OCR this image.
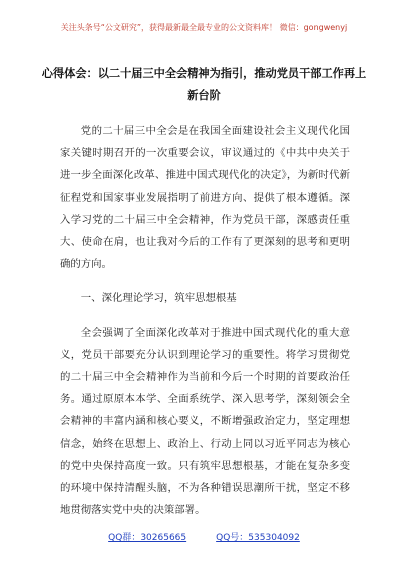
关注头条号“公文研究”，获得最新最全最专业的公文资料库！ 微信：gongwenyj
心得体会：以二十届三中全会精神为指引，推动党员干部工作再上新台阶

党的二十届三中全会是在我国全面建设社会主义现代化国家关键时期召开的一次重要会议，审议通过的《中共中央关于进一步全面深化改革、推进中国式现代化的决定》，为新时代新征程党和国家事业发展指明了前进方向、提供了根本遵循。深入学习党的二十届三中全会精神，作为党员干部，深感责任重大、使命在肩，也让我对今后的工作有了更深刻的思考和更明确的方向。

一、深化理论学习，筑牢思想根基

全会强调了全面深化改革对于推进中国式现代化的重大意义，党员干部要充分认识到理论学习的重要性。将学习贯彻党的二十届三中全会精神作为当前和今后一个时期的首要政治任务。通过原原本本学、全面系统学、深入思考学，深刻领会全会精神的丰富内涵和核心要义，不断增强政治定力，坚定理想信念，始终在思想上、政治上、行动上同以习近平同志为核心的党中央保持高度一致。只有筑牢思想根基，才能在复杂多变的环境中保持清醒头脑，不为各种错误思潮所干扰，坚定不移地贯彻落实党中央的决策部署。

QQ群：30265665	QQ号：535304092
